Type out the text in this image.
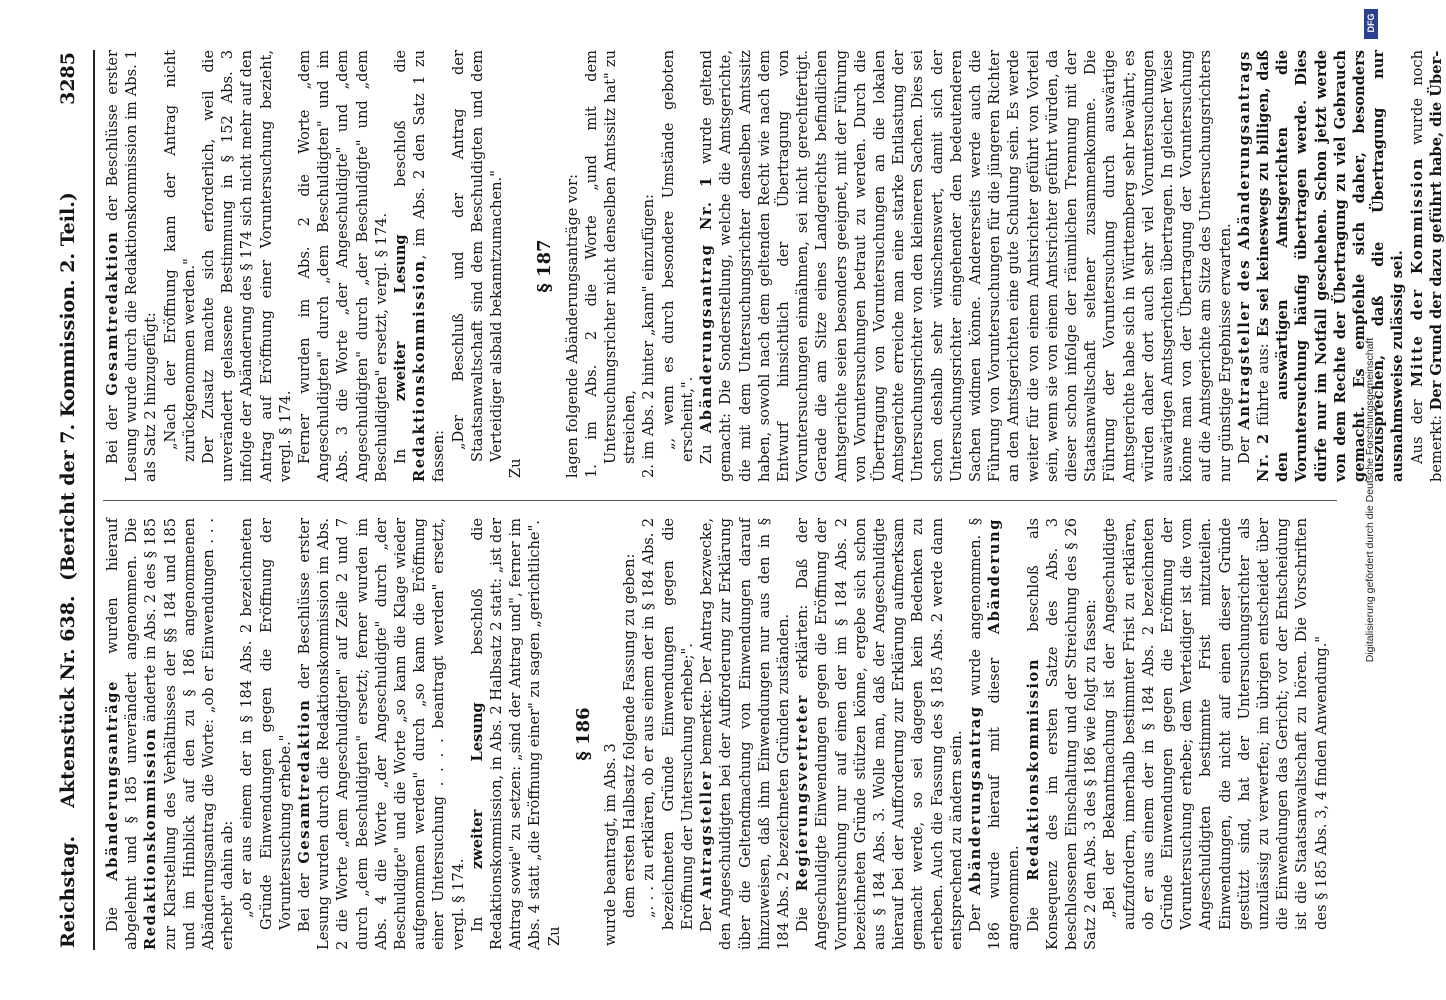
Reichstag.
Aktenstück Nr. 638. (Bericht der 7. Kommission. 2. Teil.)
3285

Die Abänderungsanträge wurden hierauf abgelehnt und § 185 unverändert angenommen. Die Redaktionskommission änderte in Abs. 2 des § 185 zur Klarstellung des Verhältnisses der §§ 184 und 185 und im Hinblick auf den zu § 186 angenommenen Abänderungsantrag die Worte: „ob er Einwendungen . . . erhebt" dahin ab: „ob er aus einem der in § 184 Abs. 2 bezeichneten Gründe Einwendungen gegen die Eröffnung der Voruntersuchung erhebe." Bei der Gesamtredaktion der Beschlüsse erster Lesung wurden durch die Redaktionskommission im Abs. 2 die Worte „dem Angeschuldigten" auf Zeile 2 und 7 durch „dem Beschuldigten" ersetzt; ferner wurden im Abs. 4 die Worte „der Angeschuldigte" durch „der Beschuldigte" und die Worte „so kann die Klage wieder aufgenommen werden" durch „so kann die Eröffnung einer Untersuchung . . . . beantragt werden" ersetzt, vergl. § 174. In zweiter Lesung beschloß die Redaktionskommission, in Abs. 2 Halbsatz 2 statt: „ist der Antrag sowie" zu setzen: „sind der Antrag und", ferner im Abs. 4 statt „die Eröffnung einer" zu sagen „gerichtliche". Zu

§ 186

wurde beantragt, im Abs. 3 dem ersten Halbsatz folgende Fassung zu geben: „. . . zu erklären, ob er aus einem der in § 184 Abs. 2 bezeichneten Gründe Einwendungen gegen die Eröffnung der Untersuchung erhebe;". Der Antragsteller bemerkte: Der Antrag bezwecke, den Angeschuldigten bei der Aufforderung zur Erklärung über die Geltendmachung von Einwendungen darauf hinzuweisen, daß ihm Einwendungen nur aus den in § 184 Abs. 2 bezeichneten Gründen zuständen. Die Regierungsvertreter erklärten: Daß der Angeschuldigte Einwendungen gegen die Eröffnung der Voruntersuchung nur auf einen der im § 184 Abs. 2 bezeichneten Gründe stützen könne, ergebe sich schon aus § 184 Abs. 3. Wolle man, daß der Angeschuldigte hierauf bei der Aufforderung zur Erklärung aufmerksam gemacht werde, so sei dagegen kein Bedenken zu erheben. Auch die Fassung des § 185 Abs. 2 werde dann entsprechend zu ändern sein. Der Abänderungsantrag wurde angenommen. § 186 wurde hierauf mit dieser Abänderung angenommen. Die Redaktionskommission beschloß als Konsequenz des im ersten Satze des Abs. 3 beschlossenen Einschaltung und der Streichung des § 26 Satz 2 den Abs. 3 des § 186 wie folgt zu fassen: „Bei der Bekanntmachung ist der Angeschuldigte aufzufordern, innerhalb bestimmter Frist zu erklären, ob er aus einem der in § 184 Abs. 2 bezeichneten Gründe Einwendungen gegen die Eröffnung der Voruntersuchung erhebe; dem Verteidiger ist die vom Angeschuldigten bestimmte Frist mitzuteilen. Einwendungen, die nicht auf einen dieser Gründe gestützt sind, hat der Untersuchungsrichter als unzulässig zu verwerfen; im übrigen entscheidet über die Einwendungen das Gericht; vor der Entscheidung ist die Staatsanwaltschaft zu hören. Die Vorschriften des § 185 Abs. 3, 4 finden Anwendung."

Bei der Gesamtredaktion der Beschlüsse erster Lesung wurde durch die Redaktionskommission im Abs. 1 als Satz 2 hinzugefügt: „Nach der Eröffnung kann der Antrag nicht zurückgenommen werden." Der Zusatz machte sich erforderlich, weil die unverändert gelassene Bestimmung in § 152 Abs. 3 infolge der Abänderung des § 174 sich nicht mehr auf den Antrag auf Eröffnung einer Voruntersuchung bezieht, vergl. § 174. Ferner wurden im Abs. 2 die Worte „dem Angeschuldigten" durch „dem Beschuldigten" und im Abs. 3 die Worte „der Angeschuldigte" und „dem Angeschuldigten" durch „der Beschuldigte" und „dem Beschuldigten" ersetzt, vergl. § 174. In zweiter Lesung beschloß die Redaktionskommission, im Abs. 2 den Satz 1 zu fassen:

„Der Beschluß und der Antrag der Staatsanwaltschaft sind dem Beschuldigten und dem Verteidiger alsbald bekanntzumachen."

Zu

§ 187 lagen folgende Abänderungsanträge vor: 1. im Abs. 2 die Worte „und mit dem Untersuchungsrichter nicht denselben Amtssitz hat" zu streichen, 2. im Abs. 2 hinter „kann" einzufügen: „, wenn es durch besondere Umstände geboten erscheint,". Zu Abänderungsantrag Nr. 1 wurde geltend gemacht: Die Sonderstellung, welche die Amtsgerichte, die mit dem Untersuchungsrichter denselben Amtssitz haben, sowohl nach dem geltenden Recht wie nach dem Entwurf hinsichtlich der Übertragung von Voruntersuchungen einnähmen, sei nicht gerechtfertigt. Gerade die am Sitze eines Landgerichts befindlichen Amtsgerichte seien besonders geeignet, mit der Führung von Voruntersuchungen betraut zu werden. Durch die Übertragung von Voruntersuchungen an die lokalen Amtsgerichte erreiche man eine starke Entlastung der Untersuchungsrichter von den kleineren Sachen. Dies sei schon deshalb sehr wünschenswert, damit sich der Untersuchungsrichter eingehender den bedeutenderen Sachen widmen könne. Andererseits werde auch die Führung von Voruntersuchungen für die jüngeren Richter an den Amtsgerichten eine gute Schulung sein. Es werde weiter für die von einem Amtsrichter geführt von Vorteil sein, wenn sie von einem Amtsrichter geführt würden, da dieser schon infolge der räumlichen Trennung mit der Staatsanwaltschaft seltener zusammenkomme. Die Führung der Voruntersuchung durch auswärtige Amtsgerichte habe sich in Württemberg sehr bewährt; es würden daher dort auch sehr viel Voruntersuchungen auswärtigen Amtsgerichten übertragen. In gleicher Weise könne man von der Übertragung der Voruntersuchung auf die Amtsgerichte am Sitze des Untersuchungsrichters nur günstige Ergebnisse erwarten. Der Antragsteller des Abänderungsantrags Nr. 2 führte aus: Es sei keineswegs zu billigen, daß den auswärtigen Amtsgerichten die Voruntersuchung häufig übertragen werde. Dies dürfe nur im Notfall geschehen. Schon jetzt werde von dem Rechte der Übertragung zu viel Gebrauch gemacht. Es empfehle sich daher, besonders auszusprechen, daß die Übertragung nur ausnahmsweise zulässig sei. Aus der Mitte der Kommission wurde noch bemerkt: Der Grund der dazu geführt habe, die Über-

Digitalisierung gefördert durch die Deutsche Forschungsgemeinschaft
DFG
